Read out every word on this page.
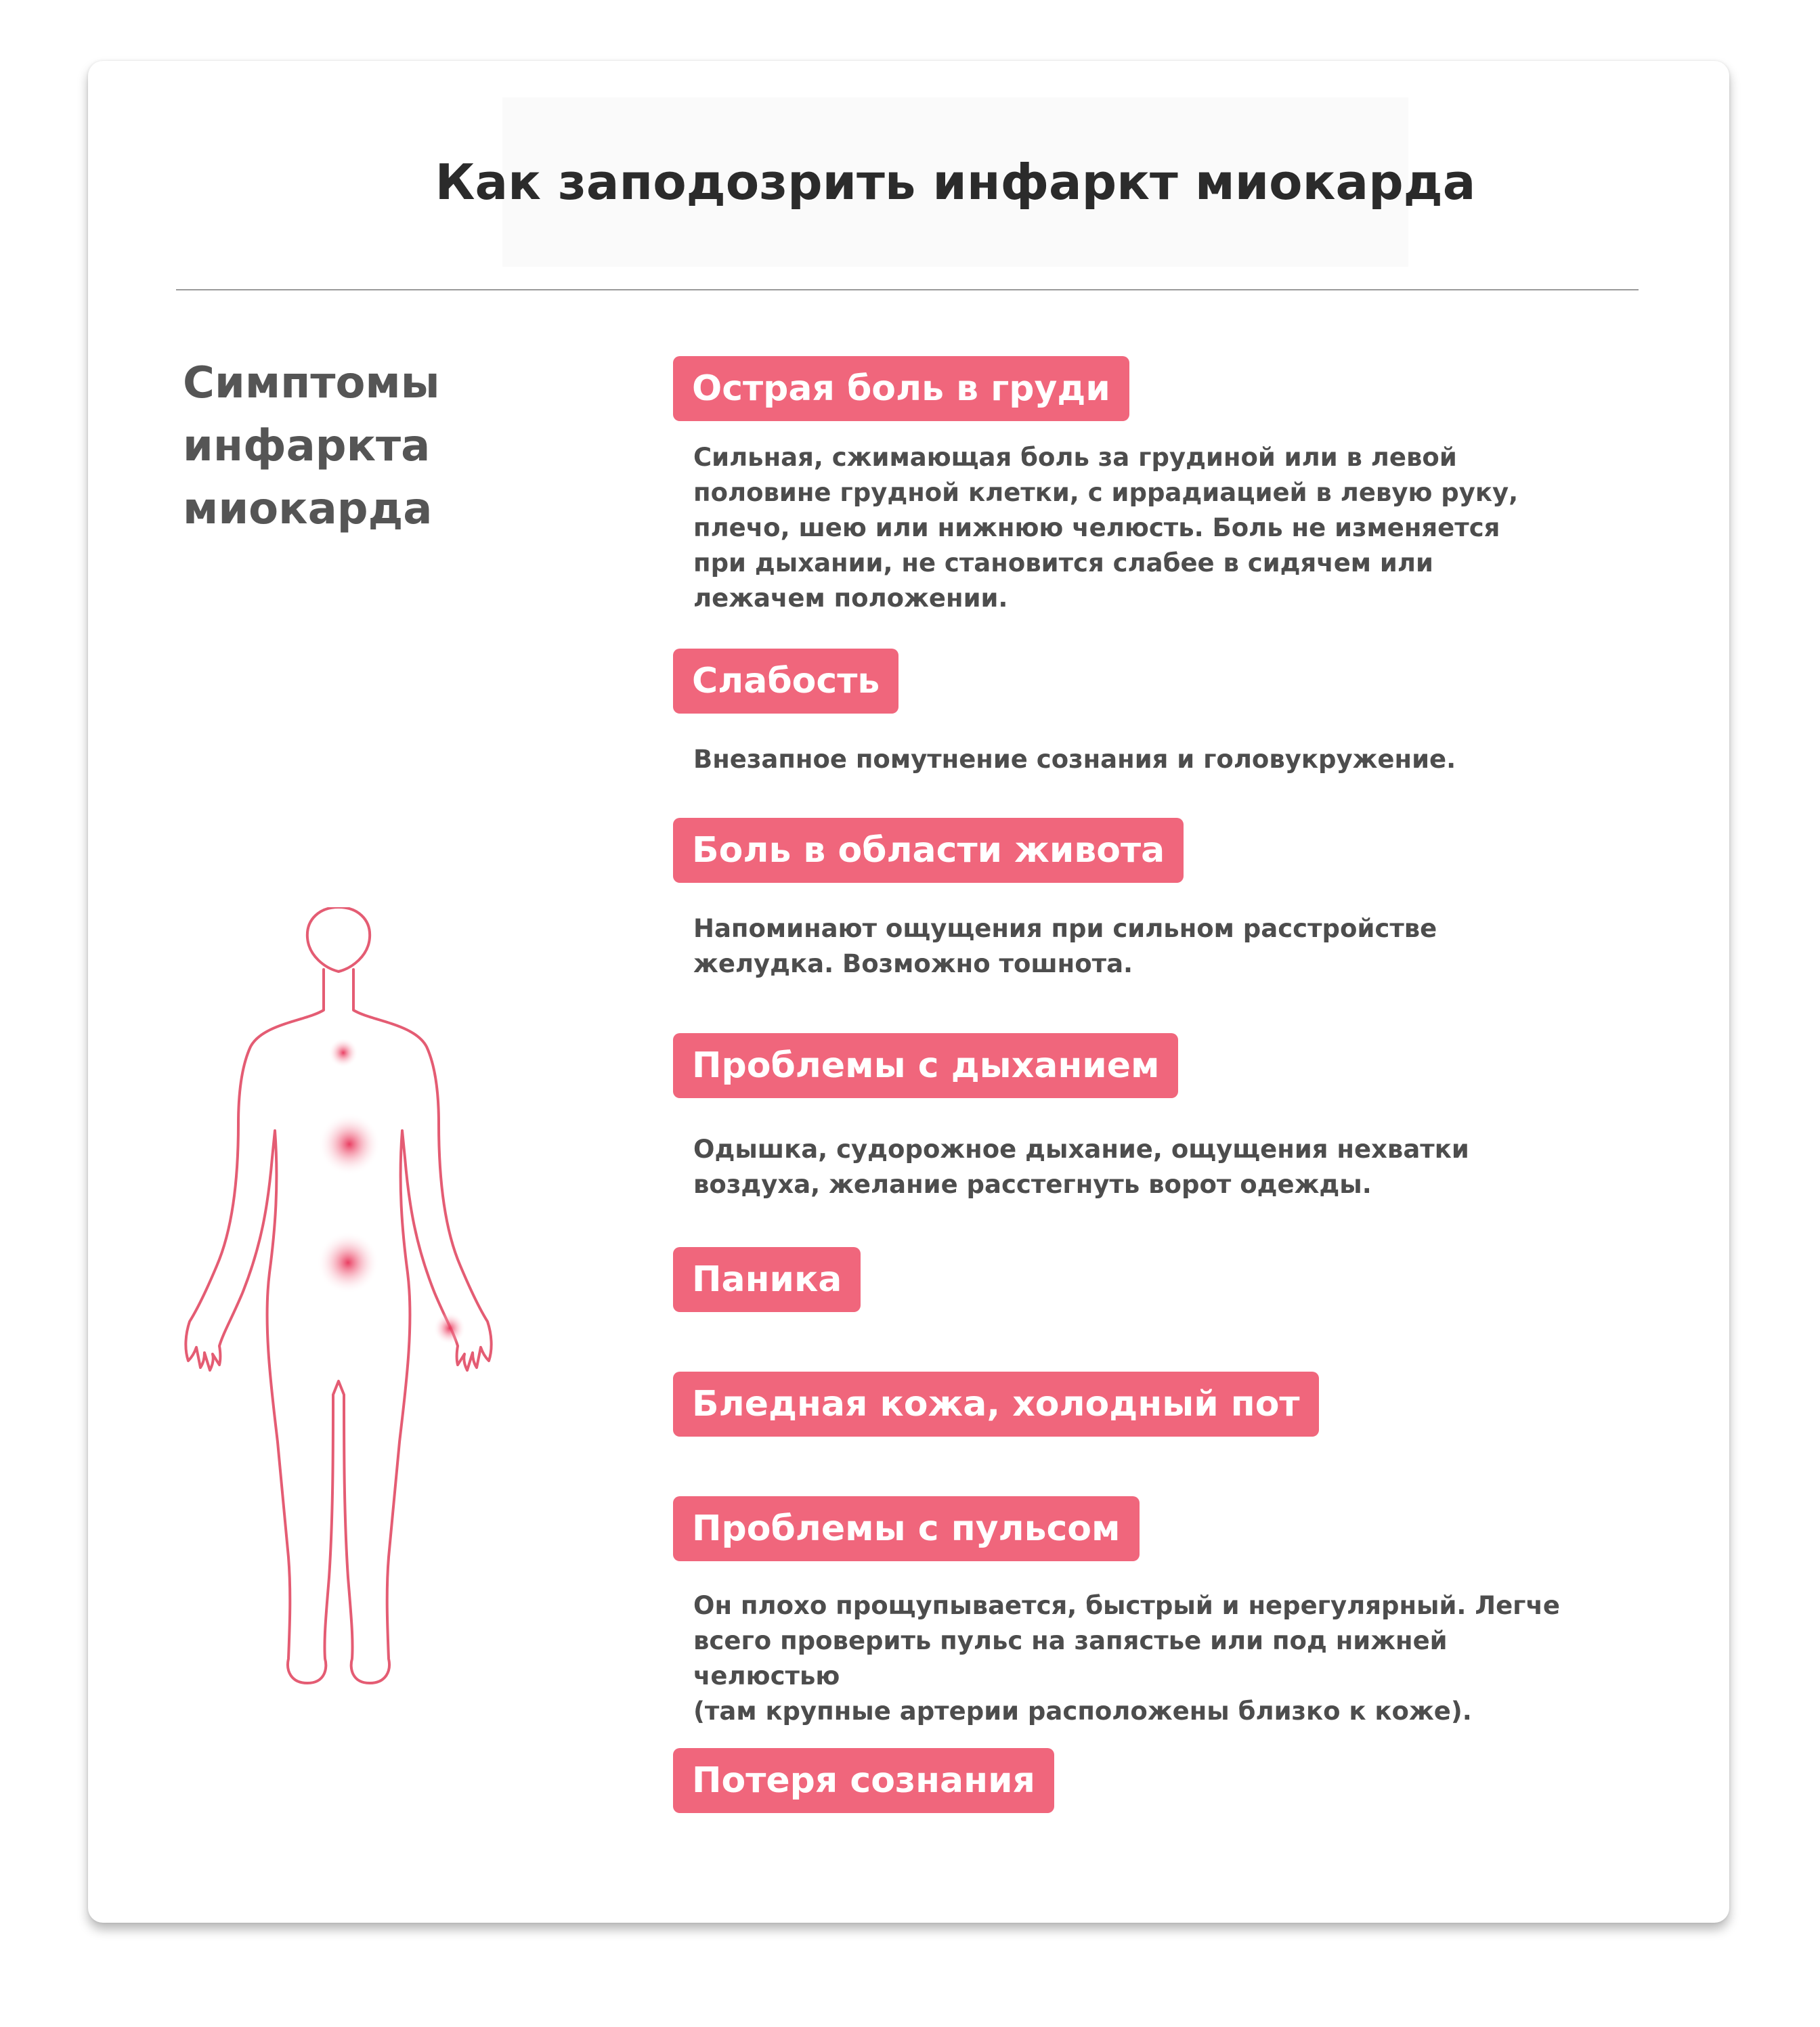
Как заподозрить инфаркт миокарда
Симптомы
инфаркта
миокарда
Острая боль в груди
Сильная, сжимающая боль за грудиной или в левой
половине грудной клетки, с иррадиацией в левую руку,
плечо, шею или нижнюю челюсть. Боль не изменяется
при дыхании, не становится слабее в сидячем или
лежачем положении.
Слабость
Внезапное помутнение сознания и головукружение.
Боль в области живота
Напоминают ощущения при сильном расстройстве
желудка. Возможно тошнота.
Проблемы с дыханием
Одышка, судорожное дыхание, ощущения нехватки
воздуха, желание расстегнуть ворот одежды.
Паника
Бледная кожа, холодный пот
Проблемы с пульсом
Он плохо прощупывается, быстрый и нерегулярный. Легче
всего проверить пульс на запястье или под нижней челюстью
(там крупные артерии расположены близко к коже).
Потеря сознания
